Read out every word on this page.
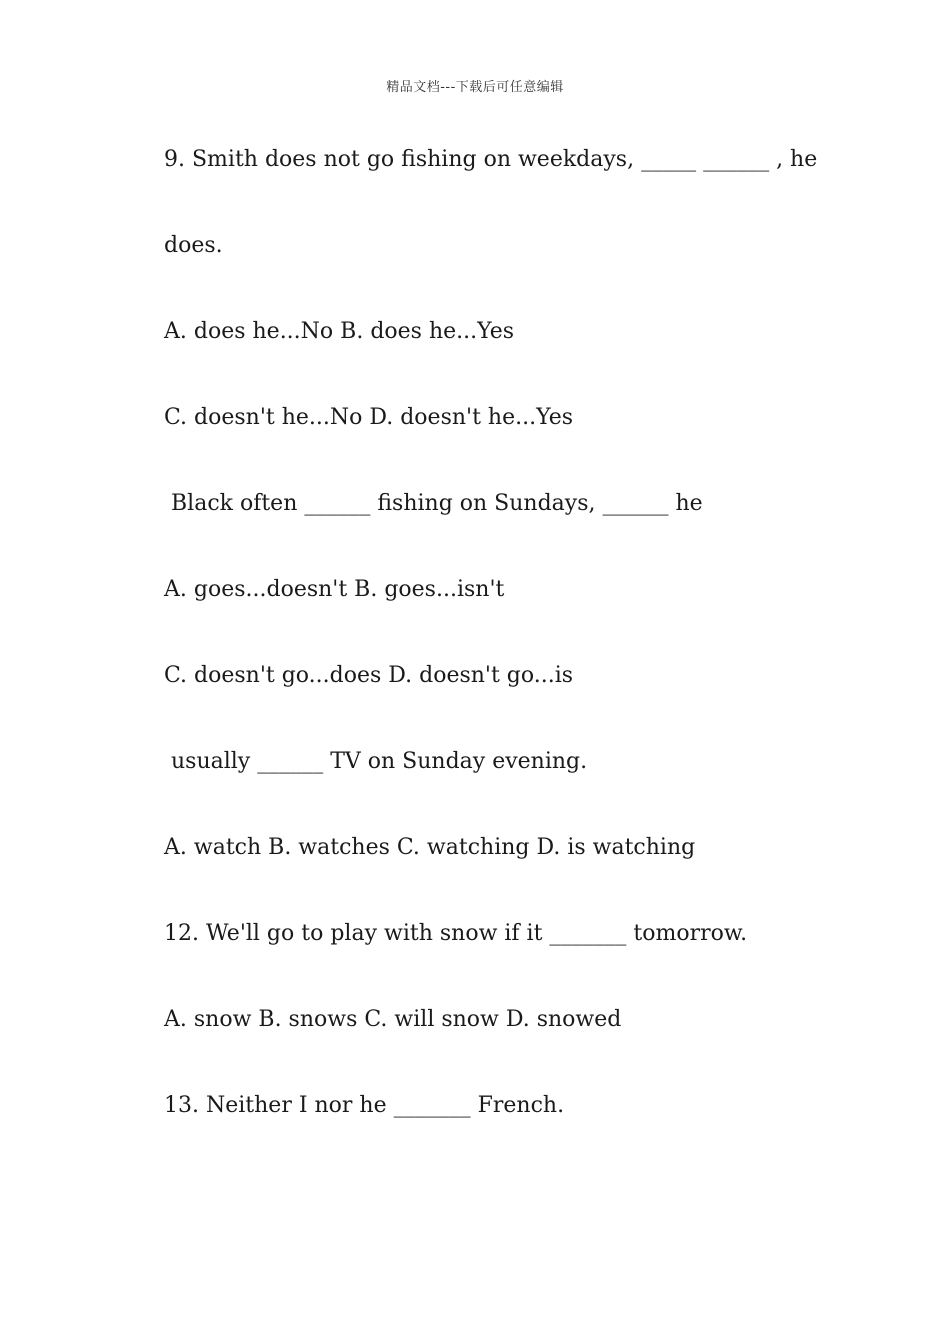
精品文档---下载后可任意编辑
9. Smith does not go fishing on weekdays, _____ ______ , he
does.
A. does he...No B. does he...Yes
C. doesn't he...No D. doesn't he...Yes
Black often ______ fishing on Sundays, ______ he
A. goes...doesn't B. goes...isn't
C. doesn't go...does D. doesn't go...is
usually ______ TV on Sunday evening.
A. watch B. watches C. watching D. is watching
12. We'll go to play with snow if it _______ tomorrow.
A. snow B. snows C. will snow D. snowed
13. Neither I nor he _______ French.
